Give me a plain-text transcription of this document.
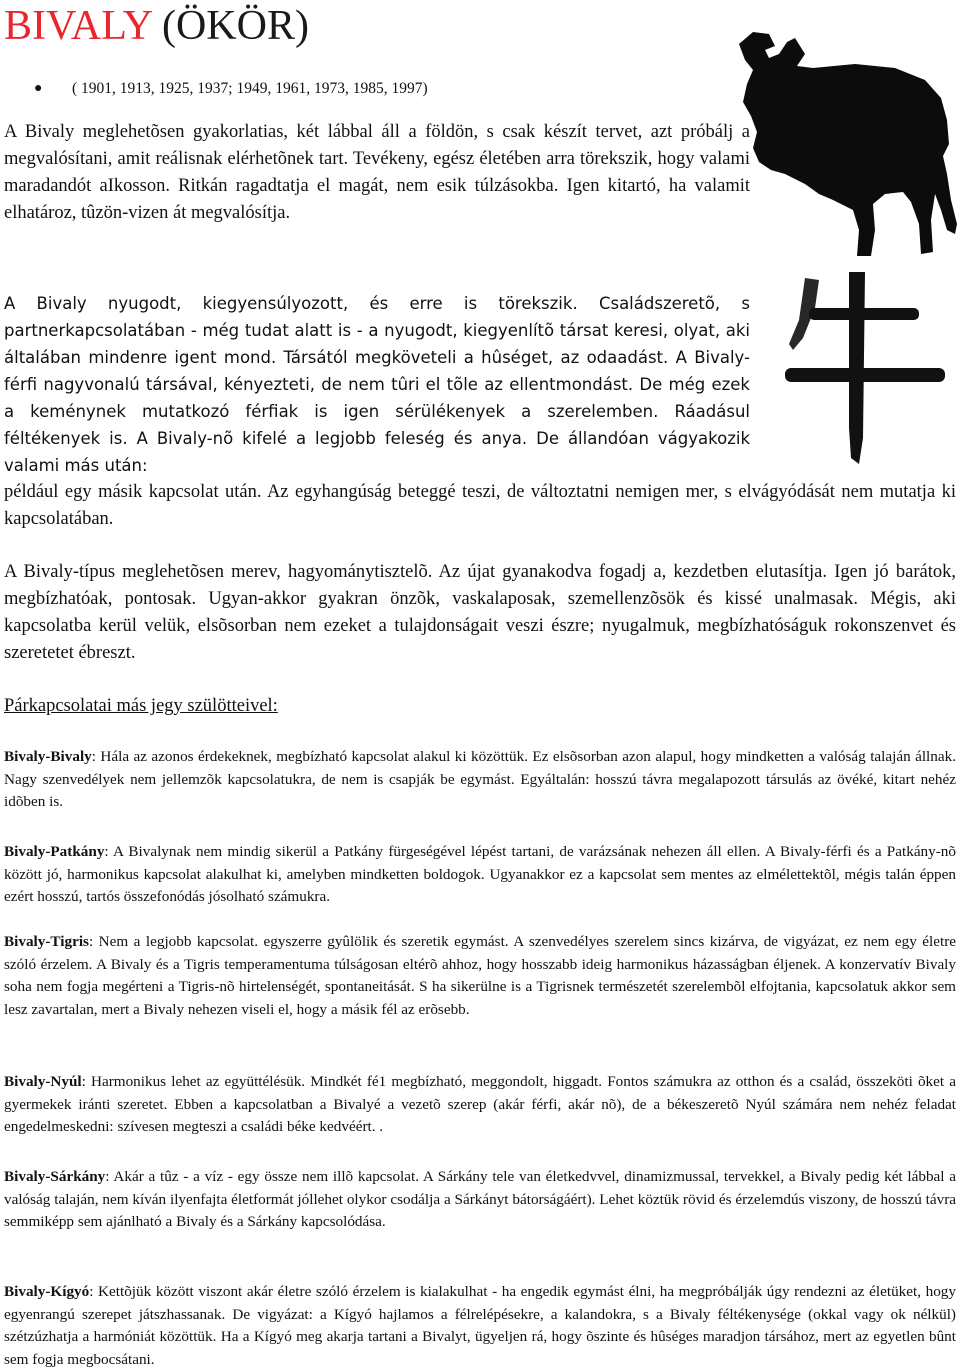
BIVALY (ÖKÖR)
● ( 1901, 1913, 1925, 1937; 1949, 1961, 1973, 1985, 1997)

A Bivaly meglehetõsen gyakorlatias, két lábbal áll a földön, s csak készít tervet, azt próbálj a megvalósítani, amit reálisnak elérhetõnek tart. Tevékeny, egész életében arra törekszik, hogy valami maradandót aIkosson. Ritkán ragadtatja el magát, nem esik túlzásokba. Igen kitartó, ha valamit elhatároz, tûzön-vizen át megvalósítja.

A Bivaly nyugodt, kiegyensúlyozott, és erre is törekszik. Családszeretõ, s partnerkapcsolatában - még tudat alatt is - a nyugodt, kiegyenlítõ társat keresi, olyat, aki általában mindenre igent mond. Társától megköveteli a hûséget, az odaadást. A Bivaly-férfi nagyvonalú társával, kényezteti, de nem tûri el tõle az ellentmondást. De még ezek a keménynek mutatkozó férfiak is igen sérülékenyek a szerelemben. Ráadásul féltékenyek is. A Bivaly-nõ kifelé a legjobb feleség és anya. De állandóan vágyakozik valami más után:

például egy másik kapcsolat után. Az egyhangúság beteggé teszi, de változtatni nemigen mer, s elvágyódását nem mutatja ki kapcsolatában.

A Bivaly-típus meglehetõsen merev, hagyománytisztelõ. Az újat gyanakodva fogadj a, kezdetben elutasítja. Igen jó barátok, megbízhatóak, pontosak. Ugyan-akkor gyakran önzõk, vaskalaposak, szemellenzõsök és kissé unalmasak. Mégis, aki kapcsolatba kerül velük, elsõsorban nem ezeket a tulajdonságait veszi észre; nyugalmuk, megbízhatóságuk rokonszenvet és szeretetet ébreszt.

Párkapcsolatai más jegy szülötteivel:

Bivaly-Bivaly: Hála az azonos érdekeknek, megbízható kapcsolat alakul ki közöttük. Ez elsõsorban azon alapul, hogy mindketten a valóság talaján állnak. Nagy szenvedélyek nem jellemzõk kapcsolatukra, de nem is csapják be egymást. Egyáltalán: hosszú távra megalapozott társulás az övéké, kitart nehéz idõben is.

Bivaly-Patkány: A Bivalynak nem mindig sikerül a Patkány fürgeségével lépést tartani, de varázsának nehezen áll ellen. A Bivaly-férfi és a Patkány-nõ között jó, harmonikus kapcsolat alakulhat ki, amelyben mindketten boldogok. Ugyanakkor ez a kapcsolat sem mentes az elmélettektõl, mégis talán éppen ezért hosszú, tartós összefonódás jósolható számukra.

Bivaly-Tigris: Nem a legjobb kapcsolat. egyszerre gyûlölik és szeretik egymást. A szenvedélyes szerelem sincs kizárva, de vigyázat, ez nem egy életre szóló érzelem. A Bivaly és a Tigris temperamentuma túlságosan eltérõ ahhoz, hogy hosszabb ideig harmonikus házasságban éljenek. A konzervatív Bivaly soha nem fogja megérteni a Tigris-nõ hirtelenségét, spontaneitását. S ha sikerülne is a Tigrisnek természetét szerelembõl elfojtania, kapcsolatuk akkor sem lesz zavartalan, mert a Bivaly nehezen viseli el, hogy a másik fél az erõsebb.

Bivaly-Nyúl: Harmonikus lehet az együttélésük. Mindkét fé1 megbízható, meggondolt, higgadt. Fontos számukra az otthon és a család, összeköti õket a gyermekek iránti szeretet. Ebben a kapcsolatban a Bivalyé a vezetõ szerep (akár férfi, akár nõ), de a békeszeretõ Nyúl számára nem nehéz feladat engedelmeskedni: szívesen megteszi a családi béke kedvéért. .

Bivaly-Sárkány: Akár a tûz - a víz - egy össze nem illõ kapcsolat. A Sárkány tele van életkedvvel, dinamizmussal, tervekkel, a Bivaly pedig két lábbal a valóság talaján, nem kíván ilyenfajta életformát jóllehet olykor csodálja a Sárkányt bátorságáért). Lehet köztük rövid és érzelemdús viszony, de hosszú távra semmiképp sem ajánlható a Bivaly és a Sárkány kapcsolódása.

Bivaly-Kígyó: Kettõjük között viszont akár életre szóló érzelem is kialakulhat - ha engedik egymást élni, ha megpróbálják úgy rendezni az életüket, hogy egyenrangú szerepet játszhassanak. De vigyázat: a Kígyó hajlamos a félrelépésekre, a kalandokra, s a Bivaly féltékenysége (okkal vagy ok nélkül) szétzúzhatja a harmóniát közöttük. Ha a Kígyó meg akarja tartani a Bivalyt, ügyeljen rá, hogy õszinte és hûséges maradjon társához, mert az egyetlen bûnt sem fogja megbocsátani.
